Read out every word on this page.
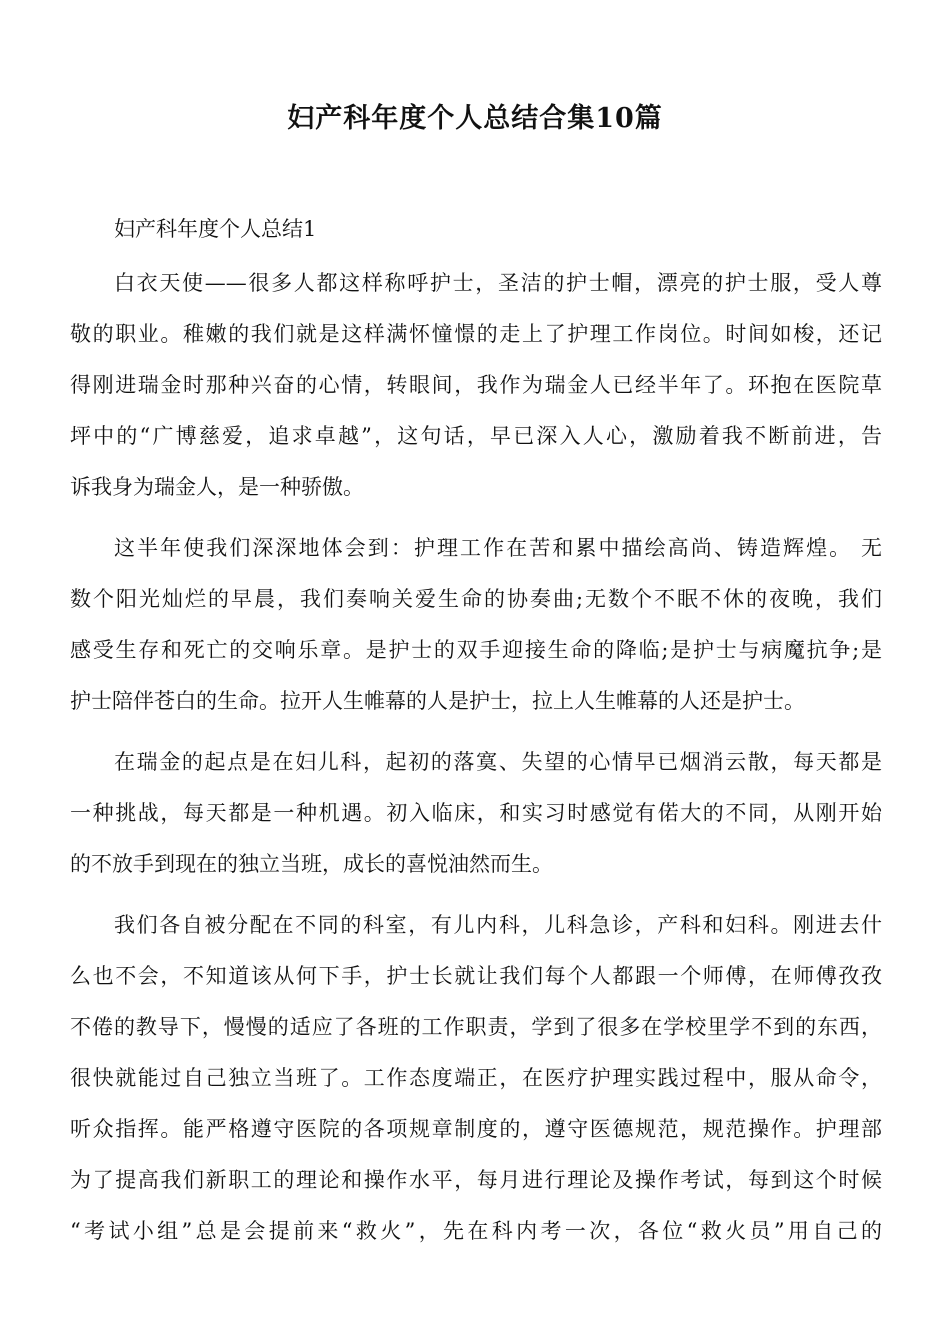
妇产科年度个人总结合集10篇
妇产科年度个人总结1
白衣天使——很多人都这样称呼护士，圣洁的护士帽，漂亮的护士服，受人尊
敬的职业。稚嫩的我们就是这样满怀憧憬的走上了护理工作岗位。时间如梭，还记
得刚进瑞金时那种兴奋的心情，转眼间，我作为瑞金人已经半年了。环抱在医院草
坪中的“广博慈爱，追求卓越”，这句话，早已深入人心，激励着我不断前进，告
诉我身为瑞金人，是一种骄傲。
这半年使我们深深地体会到：护理工作在苦和累中描绘高尚、铸造辉煌。 无
数个阳光灿烂的早晨，我们奏响关爱生命的协奏曲;无数个不眠不休的夜晚，我们
感受生存和死亡的交响乐章。是护士的双手迎接生命的降临;是护士与病魔抗争;是
护士陪伴苍白的生命。拉开人生帷幕的人是护士，拉上人生帷幕的人还是护士。
在瑞金的起点是在妇儿科，起初的落寞、失望的心情早已烟消云散，每天都是
一种挑战，每天都是一种机遇。初入临床，和实习时感觉有偌大的不同，从刚开始
的不放手到现在的独立当班，成长的喜悦油然而生。
我们各自被分配在不同的科室，有儿内科，儿科急诊，产科和妇科。刚进去什
么也不会，不知道该从何下手，护士长就让我们每个人都跟一个师傅，在师傅孜孜
不倦的教导下，慢慢的适应了各班的工作职责，学到了很多在学校里学不到的东西，
很快就能过自己独立当班了。工作态度端正，在医疗护理实践过程中，服从命令，
听众指挥。能严格遵守医院的各项规章制度的，遵守医德规范，规范操作。护理部
为了提高我们新职工的理论和操作水平，每月进行理论及操作考试，每到这个时候
“考试小组”总是会提前来“救火”，先在科内考一次，各位“救火员”用自己的
